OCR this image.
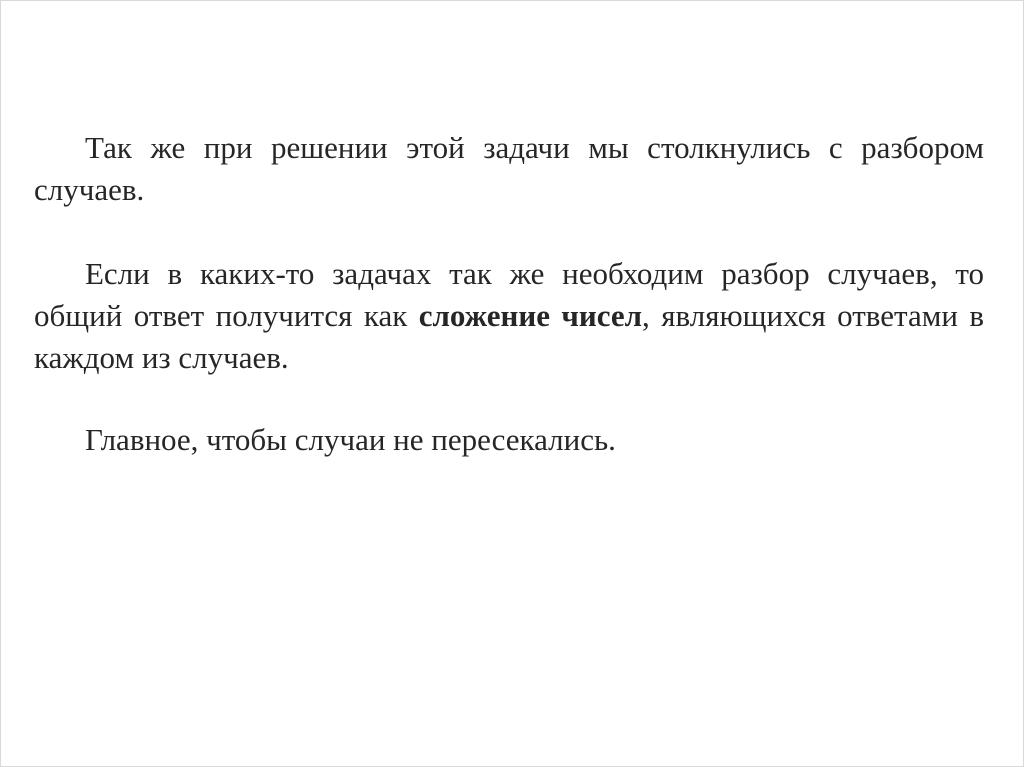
Так же при решении этой задачи мы столкнулись с разбором случаев.

Если в каких-то задачах так же необходим разбор случаев, то общий ответ получится как сложение чисел, являющихся ответами в каждом из случаев.

Главное, чтобы случаи не пересекались.
